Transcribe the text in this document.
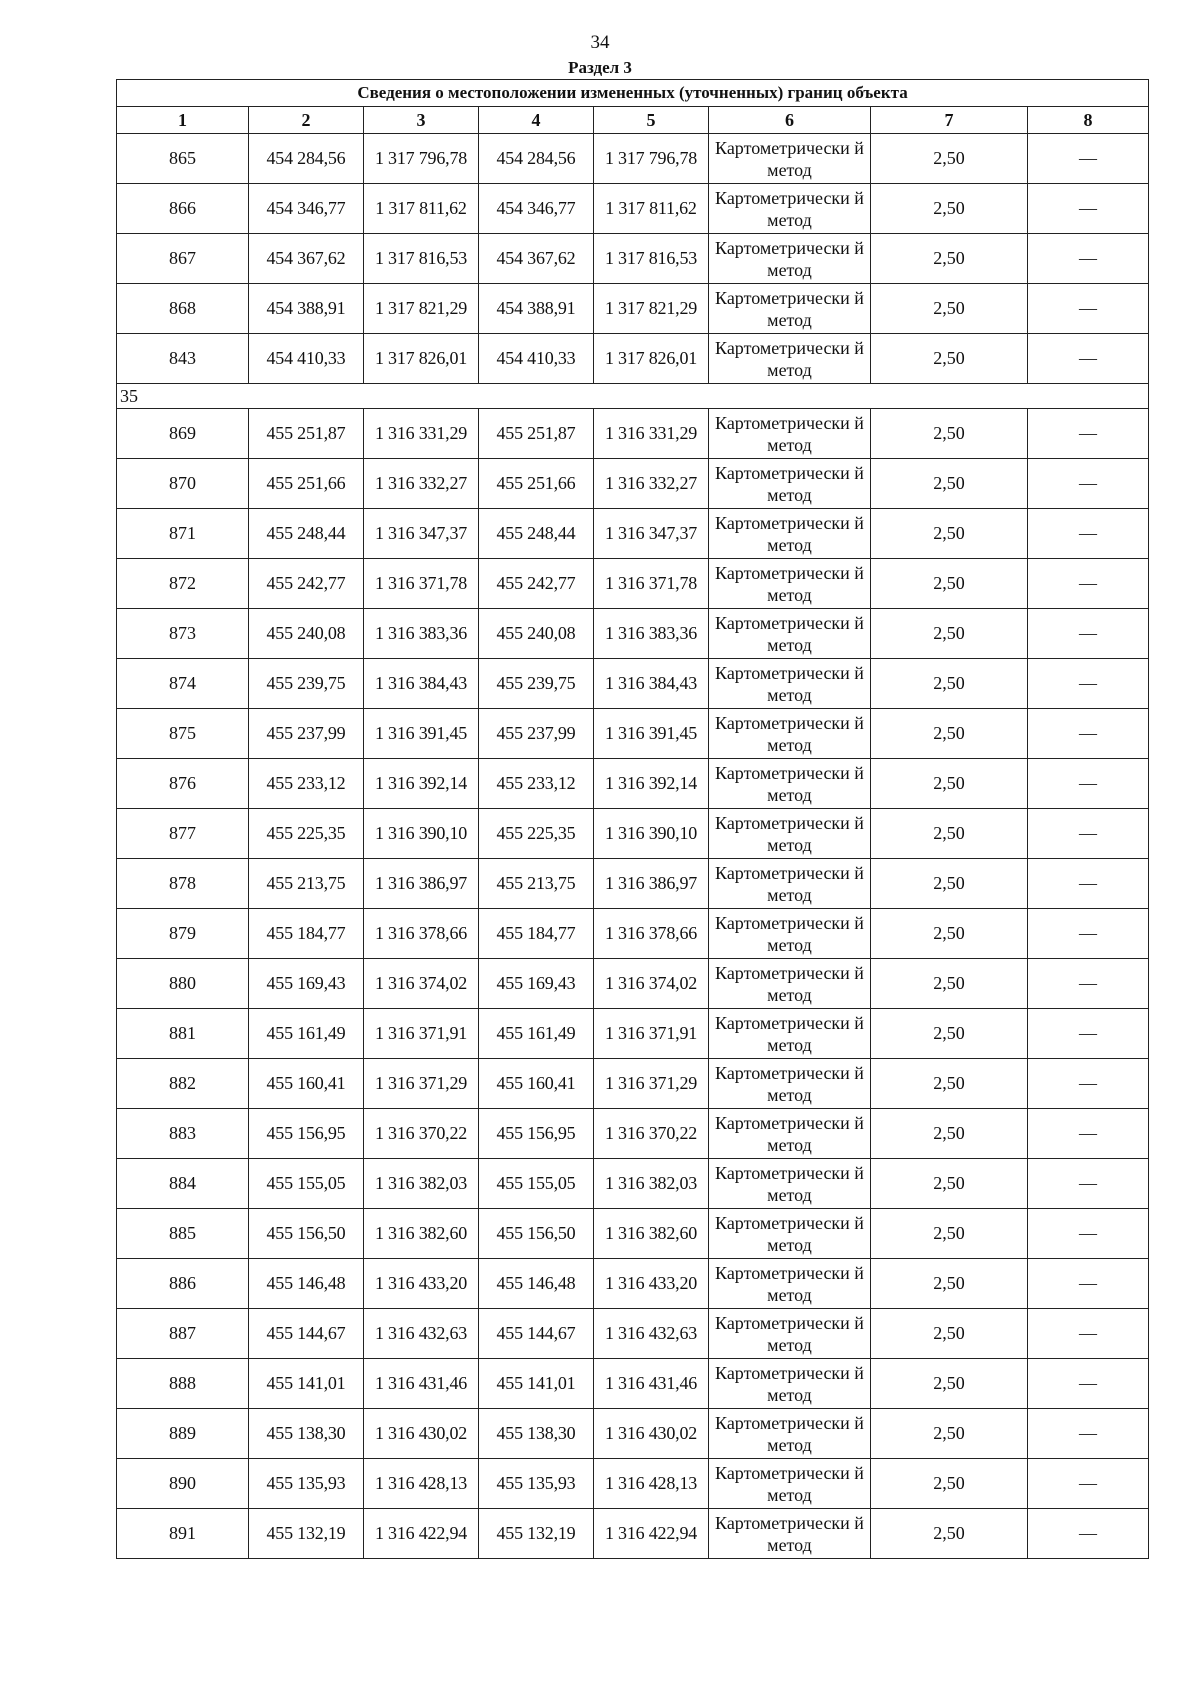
34
Раздел 3
Сведения о местоположении измененных (уточненных) границ объекта							
1	2	3	4	5	6	7	8
865	454 284,56	1 317 796,78	454 284,56	1 317 796,78	Картометрически й метод	2,50	—
866	454 346,77	1 317 811,62	454 346,77	1 317 811,62	Картометрически й метод	2,50	—
867	454 367,62	1 317 816,53	454 367,62	1 317 816,53	Картометрически й метод	2,50	—
868	454 388,91	1 317 821,29	454 388,91	1 317 821,29	Картометрически й метод	2,50	—
843	454 410,33	1 317 826,01	454 410,33	1 317 826,01	Картометрически й метод	2,50	—
35							
869	455 251,87	1 316 331,29	455 251,87	1 316 331,29	Картометрически й метод	2,50	—
870	455 251,66	1 316 332,27	455 251,66	1 316 332,27	Картометрически й метод	2,50	—
871	455 248,44	1 316 347,37	455 248,44	1 316 347,37	Картометрически й метод	2,50	—
872	455 242,77	1 316 371,78	455 242,77	1 316 371,78	Картометрически й метод	2,50	—
873	455 240,08	1 316 383,36	455 240,08	1 316 383,36	Картометрически й метод	2,50	—
874	455 239,75	1 316 384,43	455 239,75	1 316 384,43	Картометрически й метод	2,50	—
875	455 237,99	1 316 391,45	455 237,99	1 316 391,45	Картометрически й метод	2,50	—
876	455 233,12	1 316 392,14	455 233,12	1 316 392,14	Картометрически й метод	2,50	—
877	455 225,35	1 316 390,10	455 225,35	1 316 390,10	Картометрически й метод	2,50	—
878	455 213,75	1 316 386,97	455 213,75	1 316 386,97	Картометрически й метод	2,50	—
879	455 184,77	1 316 378,66	455 184,77	1 316 378,66	Картометрически й метод	2,50	—
880	455 169,43	1 316 374,02	455 169,43	1 316 374,02	Картометрически й метод	2,50	—
881	455 161,49	1 316 371,91	455 161,49	1 316 371,91	Картометрически й метод	2,50	—
882	455 160,41	1 316 371,29	455 160,41	1 316 371,29	Картометрически й метод	2,50	—
883	455 156,95	1 316 370,22	455 156,95	1 316 370,22	Картометрически й метод	2,50	—
884	455 155,05	1 316 382,03	455 155,05	1 316 382,03	Картометрически й метод	2,50	—
885	455 156,50	1 316 382,60	455 156,50	1 316 382,60	Картометрически й метод	2,50	—
886	455 146,48	1 316 433,20	455 146,48	1 316 433,20	Картометрически й метод	2,50	—
887	455 144,67	1 316 432,63	455 144,67	1 316 432,63	Картометрически й метод	2,50	—
888	455 141,01	1 316 431,46	455 141,01	1 316 431,46	Картометрически й метод	2,50	—
889	455 138,30	1 316 430,02	455 138,30	1 316 430,02	Картометрически й метод	2,50	—
890	455 135,93	1 316 428,13	455 135,93	1 316 428,13	Картометрически й метод	2,50	—
891	455 132,19	1 316 422,94	455 132,19	1 316 422,94	Картометрически й метод	2,50	—
